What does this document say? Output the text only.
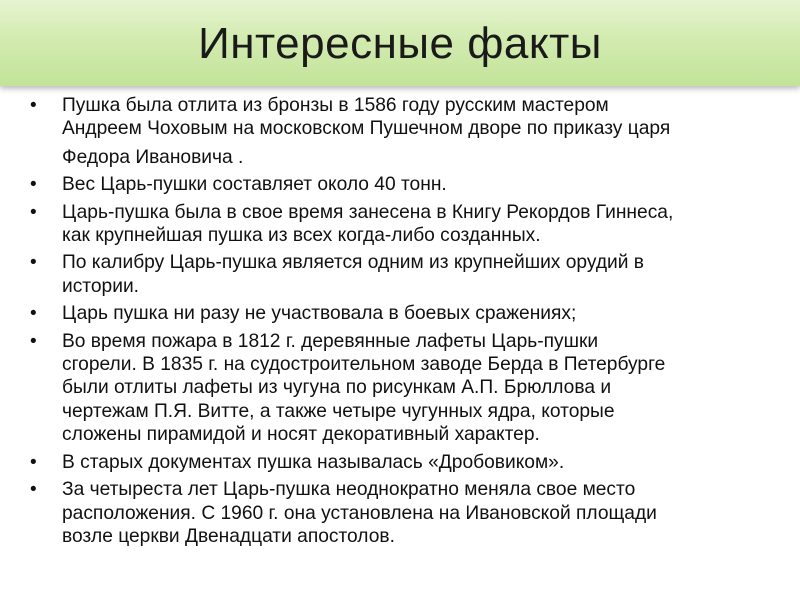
Интересные факты
• Пушка была отлита из бронзы в 1586 году русским мастером
Андреем Чоховым на московском Пушечном дворе по приказу царя
Федора Ивановича .
• Вес Царь-пушки составляет около 40 тонн.
• Царь-пушка была в свое время занесена в Книгу Рекордов Гиннеса,
как крупнейшая пушка из всех когда-либо созданных.
• По калибру Царь-пушка является одним из крупнейших орудий в
истории.
• Царь пушка ни разу не участвовала в боевых сражениях;
• Во время пожара в 1812 г. деревянные лафеты Царь-пушки
сгорели. В 1835 г. на судостроительном заводе Берда в Петербурге
были отлиты лафеты из чугуна по рисункам А.П. Брюллова и
чертежам П.Я. Витте, а также четыре чугунных ядра, которые
сложены пирамидой и носят декоративный характер.
• В старых документах пушка называлась «Дробовиком».
• За четыреста лет Царь-пушка неоднократно меняла свое место
расположения. С 1960 г. она установлена на Ивановской площади
возле церкви Двенадцати апостолов.
